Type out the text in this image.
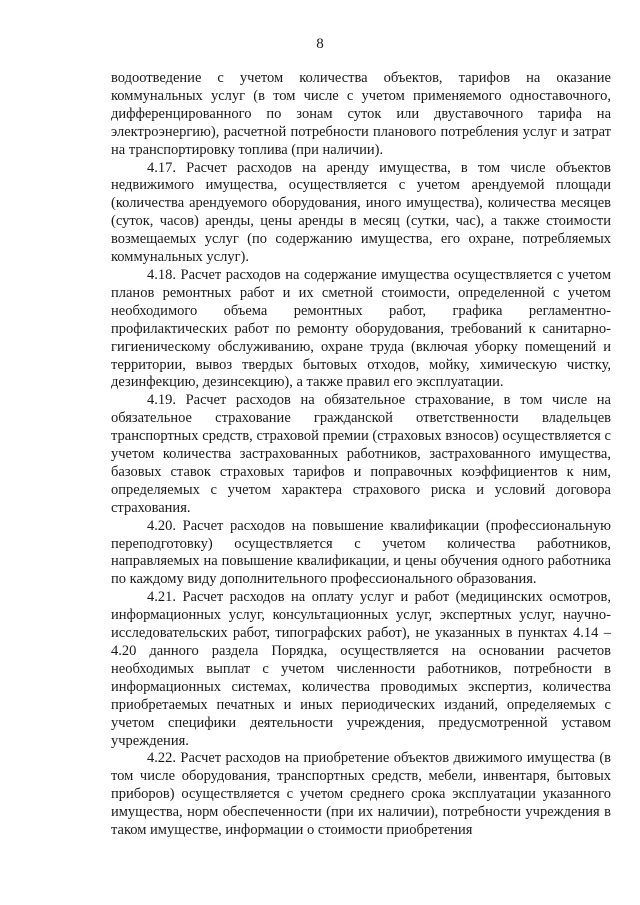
8

водоотведение с учетом количества объектов, тарифов на оказание коммунальных услуг (в том числе с учетом применяемого одноставочного, дифференцированного по зонам суток или двуставочного тарифа на электроэнергию), расчетной потребности планового потребления услуг и затрат на транспортировку топлива (при наличии).

4.17. Расчет расходов на аренду имущества, в том числе объектов недвижимого имущества, осуществляется с учетом арендуемой площади (количества арендуемого оборудования, иного имущества), количества месяцев (суток, часов) аренды, цены аренды в месяц (сутки, час), а также стоимости возмещаемых услуг (по содержанию имущества, его охране, потребляемых коммунальных услуг).

4.18. Расчет расходов на содержание имущества осуществляется с учетом планов ремонтных работ и их сметной стоимости, определенной с учетом необходимого объема ремонтных работ, графика регламентно-профилактических работ по ремонту оборудования, требований к санитарно-гигиеническому обслуживанию, охране труда (включая уборку помещений и территории, вывоз твердых бытовых отходов, мойку, химическую чистку, дезинфекцию, дезинсекцию), а также правил его эксплуатации.

4.19. Расчет расходов на обязательное страхование, в том числе на обязательное страхование гражданской ответственности владельцев транспортных средств, страховой премии (страховых взносов) осуществляется с учетом количества застрахованных работников, застрахованного имущества, базовых ставок страховых тарифов и поправочных коэффициентов к ним, определяемых с учетом характера страхового риска и условий договора страхования.

4.20. Расчет расходов на повышение квалификации (профессиональную переподготовку) осуществляется с учетом количества работников, направляемых на повышение квалификации, и цены обучения одного работника по каждому виду дополнительного профессионального образования.

4.21. Расчет расходов на оплату услуг и работ (медицинских осмотров, информационных услуг, консультационных услуг, экспертных услуг, научно-исследовательских работ, типографских работ), не указанных в пунктах 4.14 – 4.20 данного раздела Порядка, осуществляется на основании расчетов необходимых выплат с учетом численности работников, потребности в информационных системах, количества проводимых экспертиз, количества приобретаемых печатных и иных периодических изданий, определяемых с учетом специфики деятельности учреждения, предусмотренной уставом учреждения.

4.22. Расчет расходов на приобретение объектов движимого имущества (в том числе оборудования, транспортных средств, мебели, инвентаря, бытовых приборов) осуществляется с учетом среднего срока эксплуатации указанного имущества, норм обеспеченности (при их наличии), потребности учреждения в таком имуществе, информации о стоимости приобретения
